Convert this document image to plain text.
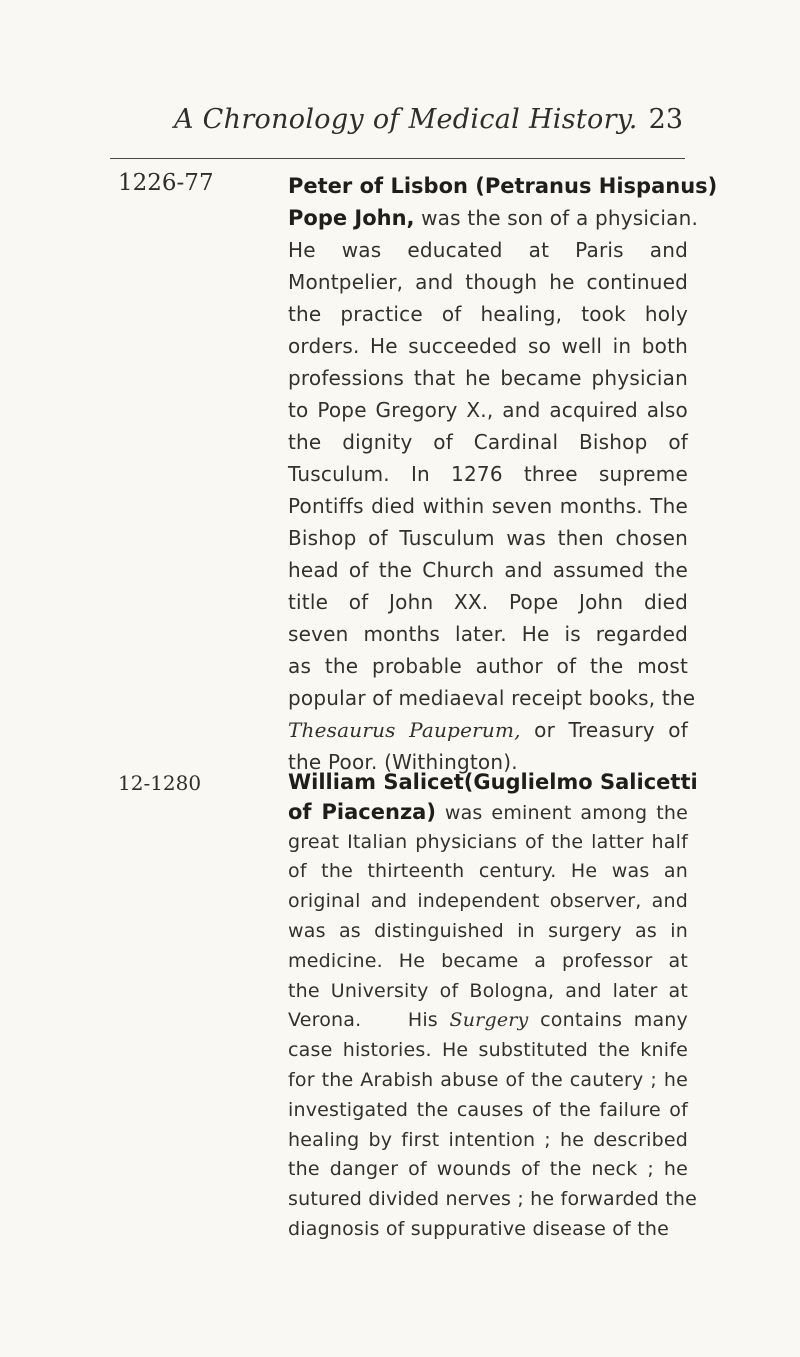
A Chronology of Medical History. 23
1226-77	Peter of Lisbon (Petranus Hispanus)
Pope John, was the son of a physician.
He was educated at Paris and
Montpelier, and though he continued
the practice of healing, took holy
orders. He succeeded so well in both
professions that he became physician
to Pope Gregory X., and acquired also
the dignity of Cardinal Bishop of
Tusculum. In 1276 three supreme
Pontiffs died within seven months. The
Bishop of Tusculum was then chosen
head of the Church and assumed the
title of John XX. Pope John died
seven months later. He is regarded
as the probable author of the most
popular of mediaeval receipt books, the
Thesaurus Pauperum, or Treasury of
the Poor. (Withington).
12-1280	William Salicet(Guglielmo Salicetti
of Piacenza) was eminent among the
great Italian physicians of the latter half
of the thirteenth century. He was an
original and independent observer, and
was as distinguished in surgery as in
medicine. He became a professor at
the University of Bologna, and later at
Verona. His Surgery contains many
case histories. He substituted the knife
for the Arabish abuse of the cautery ; he
investigated the causes of the failure of
healing by first intention ; he described
the danger of wounds of the neck ; he
sutured divided nerves ; he forwarded the
diagnosis of suppurative disease of the
